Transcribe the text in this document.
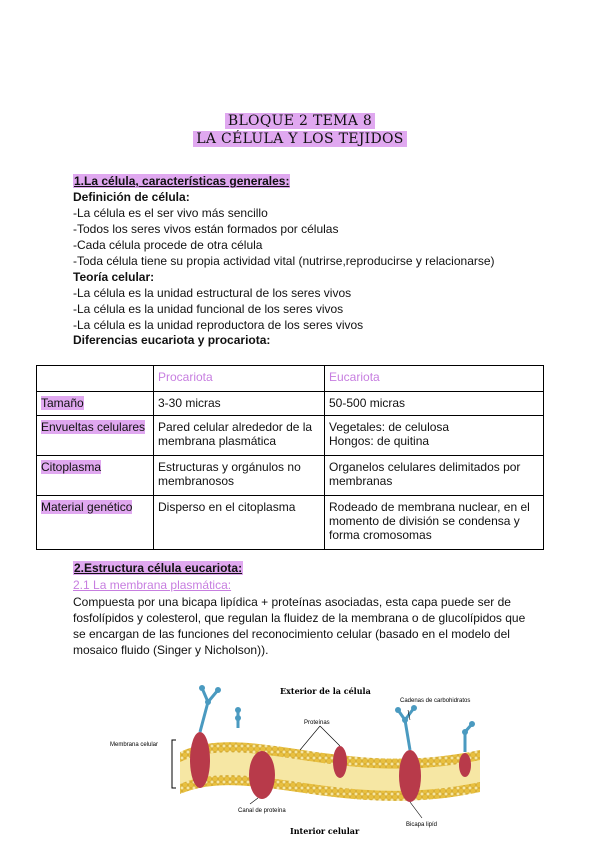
BLOQUE 2 TEMA 8
LA CÉLULA Y LOS TEJIDOS
1.La célula, características generales:
Definición de célula:
-La célula es el ser vivo más sencillo
-Todos los seres vivos están formados por células
-Cada célula procede de otra célula
-Toda célula tiene su propia actividad vital (nutrirse,reproducirse y relacionarse)
Teoría celular:
-La célula es la unidad estructural de los seres vivos
-La célula es la unidad funcional de los seres vivos
-La célula es la unidad reproductora de los seres vivos
Diferencias eucariota y procariota:
	Procariota	Eucariota
Tamaño	3-30 micras	50-500 micras
Envueltas celulares	Pared celular alrededor de la membrana plasmática	Vegetales: de celulosa
Hongos: de quitina
Citoplasma	Estructuras y orgánulos no membranosos	Organelos celulares delimitados por membranas
Material genético	Disperso en el citoplasma	Rodeado de membrana nuclear, en el momento de división se condensa y forma cromosomas
2.Estructura célula eucariota:
2.1 La membrana plasmática:
Compuesta por una bicapa lipídica + proteínas asociadas, esta capa puede ser de fosfolípidos y colesterol, que regulan la fluidez de la membrana o de glucolípidos que se encargan de las funciones del reconocimiento celular (basado en el modelo del mosaico fluido (Singer y Nicholson)).
Exterior de la célula
Interior celular
Membrana celular
Proteínas
Cadenas de carbohidratos
Canal de proteína
Bicapa lipíd
